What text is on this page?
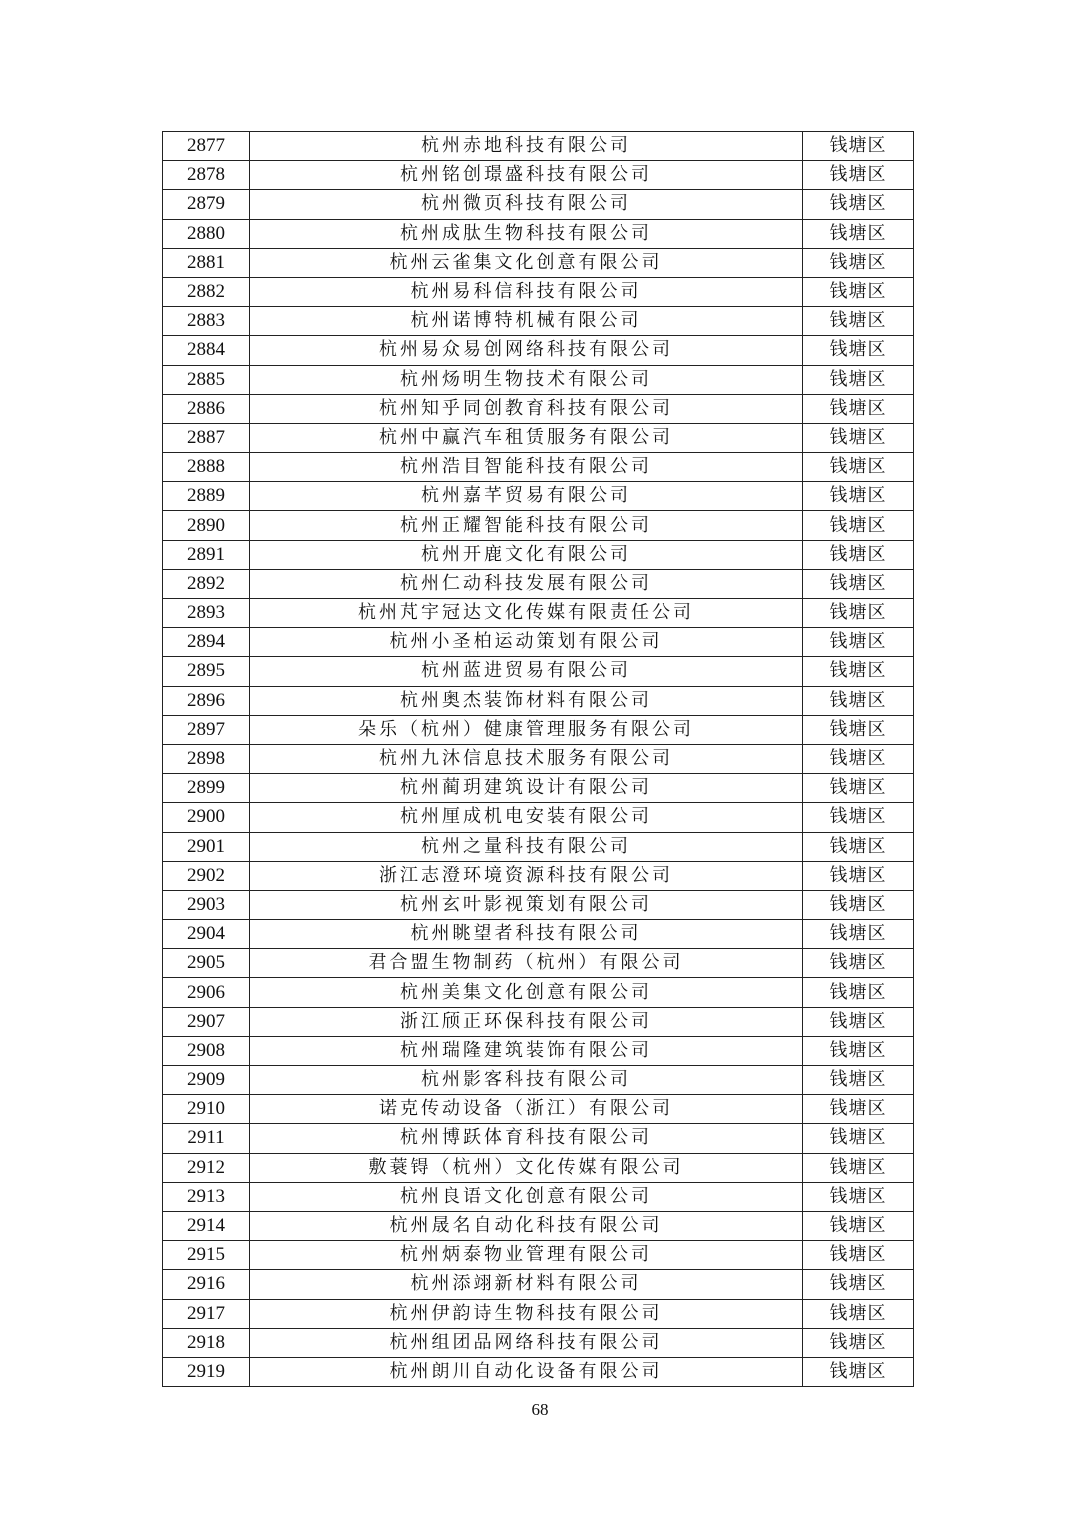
2877	杭州赤地科技有限公司	钱塘区
2878	杭州铭创璟盛科技有限公司	钱塘区
2879	杭州微页科技有限公司	钱塘区
2880	杭州成肽生物科技有限公司	钱塘区
2881	杭州云雀集文化创意有限公司	钱塘区
2882	杭州易科信科技有限公司	钱塘区
2883	杭州诺博特机械有限公司	钱塘区
2884	杭州易众易创网络科技有限公司	钱塘区
2885	杭州炀明生物技术有限公司	钱塘区
2886	杭州知乎同创教育科技有限公司	钱塘区
2887	杭州中赢汽车租赁服务有限公司	钱塘区
2888	杭州浩目智能科技有限公司	钱塘区
2889	杭州嘉芊贸易有限公司	钱塘区
2890	杭州正耀智能科技有限公司	钱塘区
2891	杭州开鹿文化有限公司	钱塘区
2892	杭州仁动科技发展有限公司	钱塘区
2893	杭州芃宇冠达文化传媒有限责任公司	钱塘区
2894	杭州小圣柏运动策划有限公司	钱塘区
2895	杭州蓝进贸易有限公司	钱塘区
2896	杭州奥杰装饰材料有限公司	钱塘区
2897	朵乐（杭州）健康管理服务有限公司	钱塘区
2898	杭州九沐信息技术服务有限公司	钱塘区
2899	杭州蔺玥建筑设计有限公司	钱塘区
2900	杭州厘成机电安装有限公司	钱塘区
2901	杭州之量科技有限公司	钱塘区
2902	浙江志澄环境资源科技有限公司	钱塘区
2903	杭州玄叶影视策划有限公司	钱塘区
2904	杭州眺望者科技有限公司	钱塘区
2905	君合盟生物制药（杭州）有限公司	钱塘区
2906	杭州美集文化创意有限公司	钱塘区
2907	浙江颀正环保科技有限公司	钱塘区
2908	杭州瑞隆建筑装饰有限公司	钱塘区
2909	杭州影客科技有限公司	钱塘区
2910	诺克传动设备（浙江）有限公司	钱塘区
2911	杭州博跃体育科技有限公司	钱塘区
2912	敷蓑锝（杭州）文化传媒有限公司	钱塘区
2913	杭州良语文化创意有限公司	钱塘区
2914	杭州晟名自动化科技有限公司	钱塘区
2915	杭州炳泰物业管理有限公司	钱塘区
2916	杭州添翊新材料有限公司	钱塘区
2917	杭州伊韵诗生物科技有限公司	钱塘区
2918	杭州组团品网络科技有限公司	钱塘区
2919	杭州朗川自动化设备有限公司	钱塘区
68
